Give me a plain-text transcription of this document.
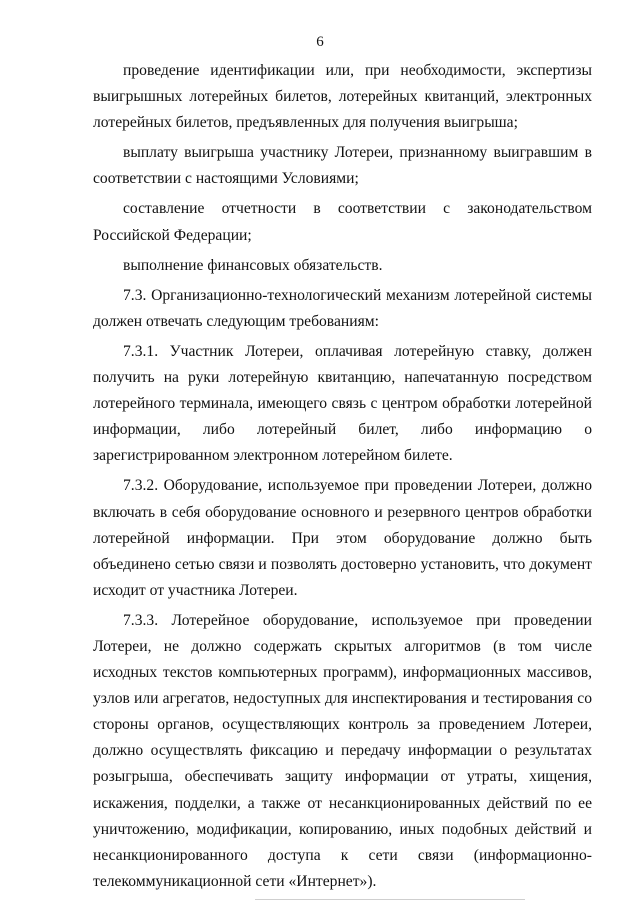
6

проведение идентификации или, при необходимости, экспертизы выигрышных лотерейных билетов, лотерейных квитанций, электронных лотерейных билетов, предъявленных для получения выигрыша;

выплату выигрыша участнику Лотереи, признанному выигравшим в соответствии с настоящими Условиями;

составление отчетности в соответствии с законодательством Российской Федерации;

выполнение финансовых обязательств.

7.3. Организационно-технологический механизм лотерейной системы должен отвечать следующим требованиям:

7.3.1. Участник Лотереи, оплачивая лотерейную ставку, должен получить на руки лотерейную квитанцию, напечатанную посредством лотерейного терминала, имеющего связь с центром обработки лотерейной информации, либо лотерейный билет, либо информацию о зарегистрированном электронном лотерейном билете.

7.3.2. Оборудование, используемое при проведении Лотереи, должно включать в себя оборудование основного и резервного центров обработки лотерейной информации. При этом оборудование должно быть объединено сетью связи и позволять достоверно установить, что документ исходит от участника Лотереи.

7.3.3. Лотерейное оборудование, используемое при проведении Лотереи, не должно содержать скрытых алгоритмов (в том числе исходных текстов компьютерных программ), информационных массивов, узлов или агрегатов, недоступных для инспектирования и тестирования со стороны органов, осуществляющих контроль за проведением Лотереи, должно осуществлять фиксацию и передачу информации о результатах розыгрыша, обеспечивать защиту информации от утраты, хищения, искажения, подделки, а также от несанкционированных действий по ее уничтожению, модификации, копированию, иных подобных действий и несанкционированного доступа к сети связи (информационно-телекоммуникационной сети «Интернет»).
